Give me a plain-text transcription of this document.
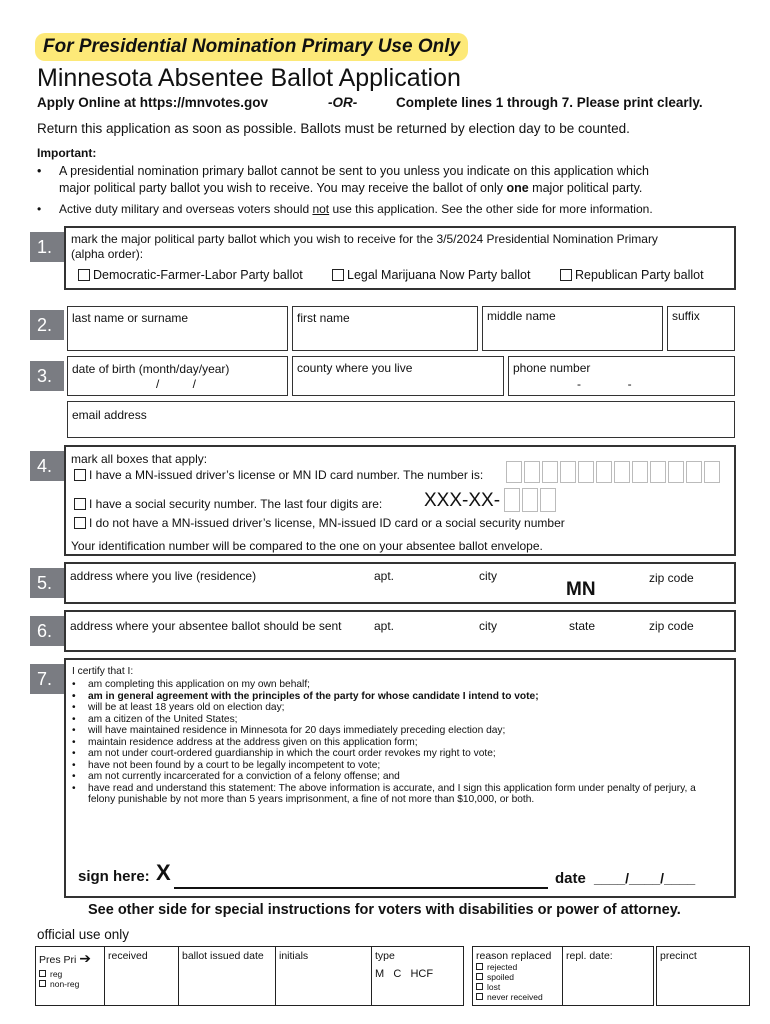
For Presidential Nomination Primary Use Only
Minnesota Absentee Ballot Application
Apply Online at https://mnvotes.gov	-OR-	Complete lines 1 through 7. Please print clearly.
Return this application as soon as possible. Ballots must be returned by election day to be counted.
Important:
• A presidential nomination primary ballot cannot be sent to you unless you indicate on this application which
major political party ballot you wish to receive. You may receive the ballot of only one major political party.
• Active duty military and overseas voters should not use this application. See the other side for more information.
1.	mark the major political party ballot which you wish to receive for the 3/5/2024 Presidential Nomination Primary
(alpha order):
Democratic-Farmer-Labor Party ballot	Legal Marijuana Now Party ballot	Republican Party ballot
2.	last name or surname	first name	middle name	suffix
3.	date of birth (month/day/year)
/          /
county where you live	phone number
-              -
email address
4.	mark all boxes that apply:
I have a MN-issued driver’s license or MN ID card number. The number is:
I have a social security number. The last four digits are: XXX-XX-
I do not have a MN-issued driver’s license, MN-issued ID card or a social security number
Your identification number will be compared to the one on your absentee ballot envelope.
5.	address where you live (residence)	apt.	city
MN
zip code
6.	address where your absentee ballot should be sent	apt.	city	state	zip code
7.	I certify that I:
• am completing this application on my own behalf;
• am in general agreement with the principles of the party for whose candidate I intend to vote;
• will be at least 18 years old on election day;
• am a citizen of the United States;
• will have maintained residence in Minnesota for 20 days immediately preceding election day;
• maintain residence address at the address given on this application form;
• am not under court-ordered guardianship in which the court order revokes my right to vote;
• have not been found by a court to be legally incompetent to vote;
• am not currently incarcerated for a conviction of a felony offense; and
• have read and understand this statement: The above information is accurate, and I sign this application form under penalty of perjury, a felony punishable by not more than 5 years imprisonment, a fine of not more than $10,000, or both.
sign here: X	date ____/____/____
See other side for special instructions for voters with disabilities or power of attorney.
official use only
Pres Pri ➔
reg
non-reg
received	ballot issued date	initials	type
M   C   HCF
reason replaced
rejected
spoiled
lost
never received
repl. date:	precinct
